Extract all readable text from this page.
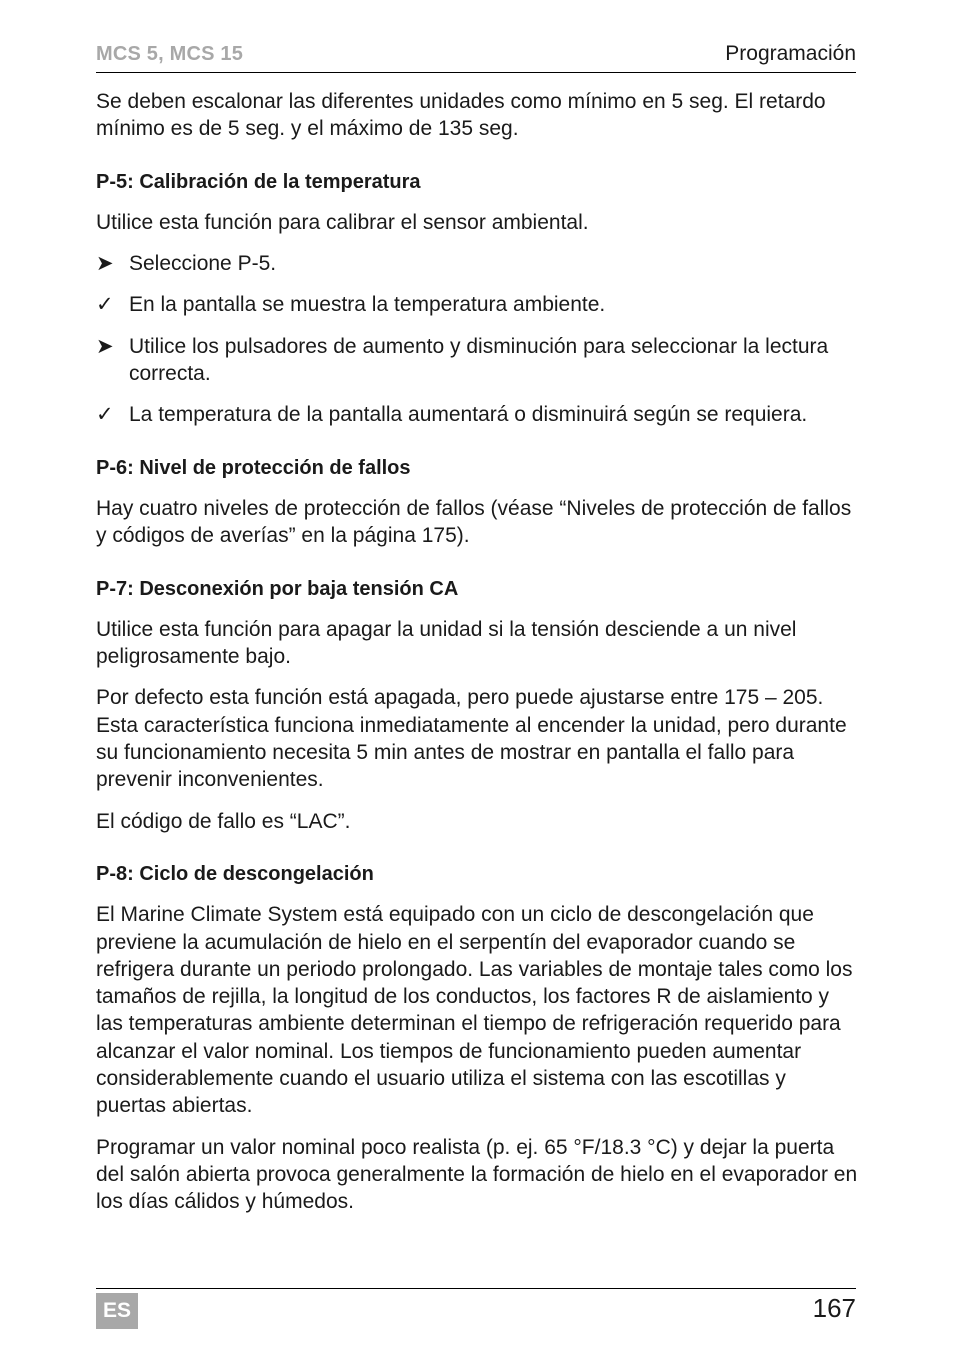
MCS 5, MCS 15	Programación

Se deben escalonar las diferentes unidades como mínimo en 5 seg. El retardo mínimo es de 5 seg. y el máximo de 135 seg.

P-5: Calibración de la temperatura

Utilice esta función para calibrar el sensor ambiental.

➤ Seleccione P-5.
✓ En la pantalla se muestra la temperatura ambiente.
➤ Utilice los pulsadores de aumento y disminución para seleccionar la lectura correcta.
✓ La temperatura de la pantalla aumentará o disminuirá según se requiera.
P-6: Nivel de protección de fallos

Hay cuatro niveles de protección de fallos (véase “Niveles de protección de fallos y códigos de averías” en la página 175).

P-7: Desconexión por baja tensión CA

Utilice esta función para apagar la unidad si la tensión desciende a un nivel peligrosamente bajo.

Por defecto esta función está apagada, pero puede ajustarse entre 175 – 205. Esta característica funciona inmediatamente al encender la unidad, pero durante su funcionamiento necesita 5 min antes de mostrar en pantalla el fallo para prevenir inconvenientes.

El código de fallo es “LAC”.

P-8: Ciclo de descongelación

El Marine Climate System está equipado con un ciclo de descongelación que previene la acumulación de hielo en el serpentín del evaporador cuando se refrigera durante un periodo prolongado. Las variables de montaje tales como los tamaños de rejilla, la longitud de los conductos, los factores R de aislamiento y las temperaturas ambiente determinan el tiempo de refrigeración requerido para alcanzar el valor nominal. Los tiempos de funcionamiento pueden aumentar considerablemente cuando el usuario utiliza el sistema con las escotillas y puertas abiertas.

Programar un valor nominal poco realista (p. ej. 65 °F/18.3 °C) y dejar la puerta del salón abierta provoca generalmente la formación de hielo en el evaporador en los días cálidos y húmedos.

ES	167
